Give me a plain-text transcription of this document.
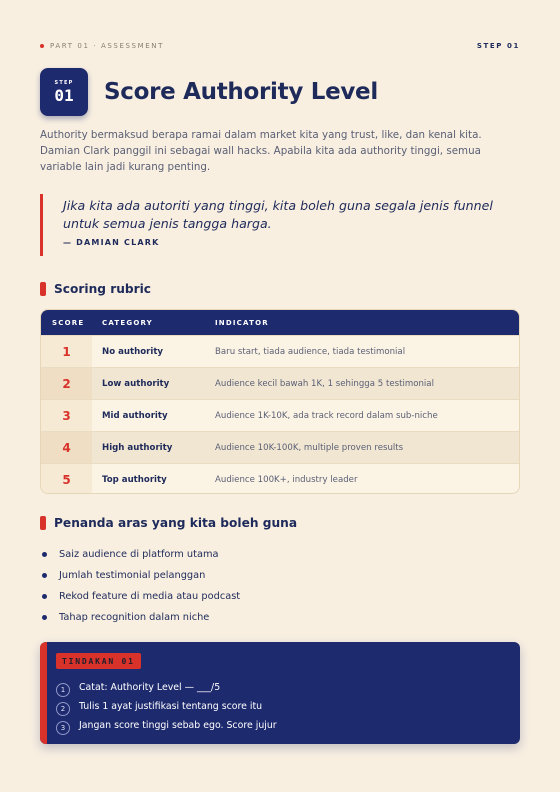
PART 01 · ASSESSMENT	STEP 01
STEP
01 Score Authority Level

Authority bermaksud berapa ramai dalam market kita yang trust, like, dan kenal kita. Damian Clark panggil ini sebagai wall hacks. Apabila kita ada authority tinggi, semua variable lain jadi kurang penting.

Jika kita ada autoriti yang tinggi, kita boleh guna segala jenis funnel untuk semua jenis tangga harga.

— DAMIAN CLARK

Scoring rubric
SCORE	CATEGORY	INDICATOR
1	No authority	Baru start, tiada audience, tiada testimonial
2	Low authority	Audience kecil bawah 1K, 1 sehingga 5 testimonial
3	Mid authority	Audience 1K-10K, ada track record dalam sub-niche
4	High authority	Audience 10K-100K, multiple proven results
5	Top authority	Audience 100K+, industry leader
Penanda aras yang kita boleh guna
Saiz audience di platform utama
Jumlah testimonial pelanggan
Rekod feature di media atau podcast
Tahap recognition dalam niche
TINDAKAN 01
1	Catat: Authority Level — ___/5
2	Tulis 1 ayat justifikasi tentang score itu
3	Jangan score tinggi sebab ego. Score jujur
